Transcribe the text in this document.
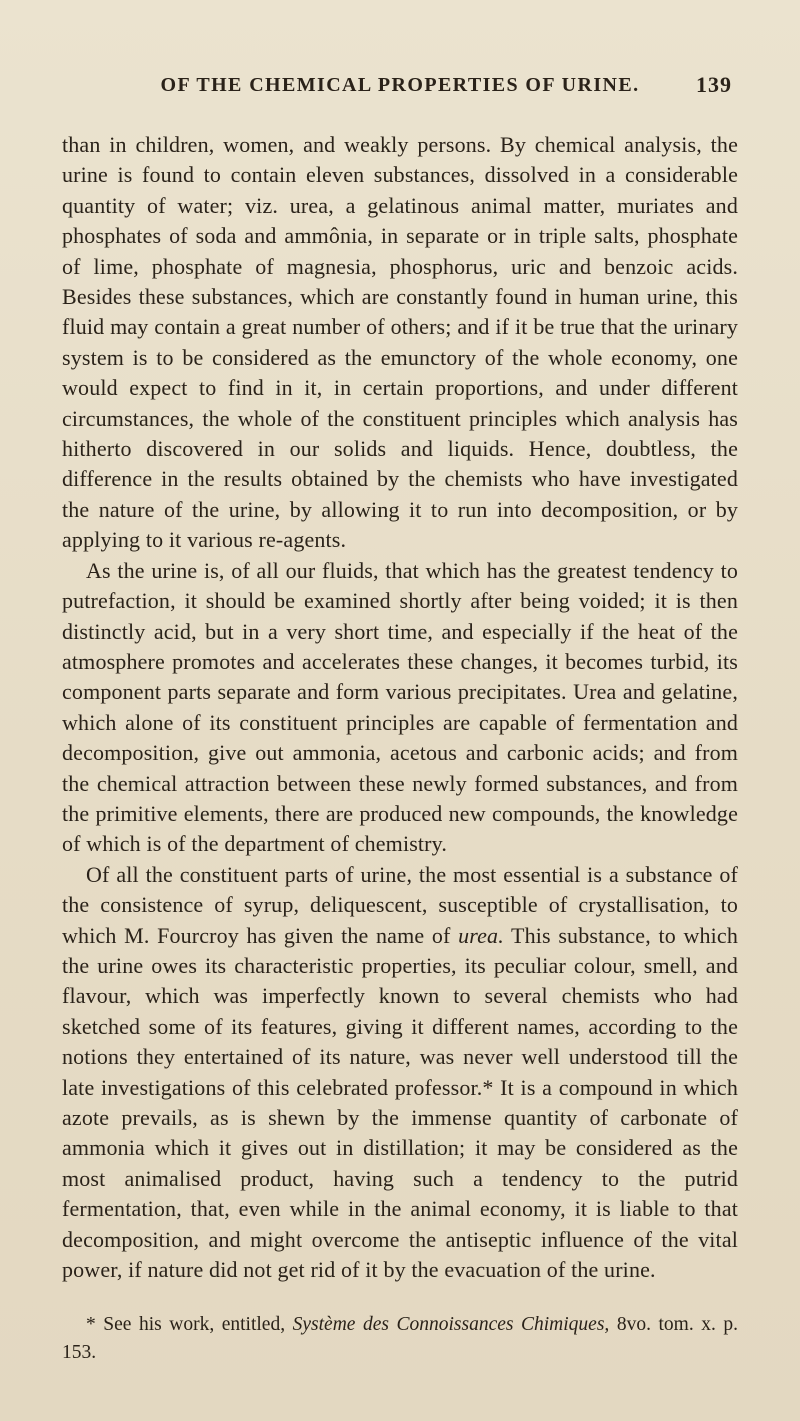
OF THE CHEMICAL PROPERTIES OF URINE.	139

than in children, women, and weakly persons. By chemical analysis, the urine is found to contain eleven substances, dissolved in a considerable quantity of water; viz. urea, a gelatinous animal matter, muriates and phosphates of soda and ammônia, in separate or in triple salts, phosphate of lime, phosphate of magnesia, phosphorus, uric and benzoic acids. Besides these substances, which are constantly found in human urine, this fluid may contain a great number of others; and if it be true that the urinary system is to be considered as the emunctory of the whole economy, one would expect to find in it, in certain proportions, and under different circumstances, the whole of the constituent principles which analysis has hitherto discovered in our solids and liquids. Hence, doubtless, the difference in the results obtained by the chemists who have investigated the nature of the urine, by allowing it to run into decomposition, or by applying to it various re-agents.

As the urine is, of all our fluids, that which has the greatest tendency to putrefaction, it should be examined shortly after being voided; it is then distinctly acid, but in a very short time, and especially if the heat of the atmosphere promotes and accelerates these changes, it becomes turbid, its component parts separate and form various precipitates. Urea and gelatine, which alone of its constituent principles are capable of fermentation and decomposition, give out ammonia, acetous and carbonic acids; and from the chemical attraction between these newly formed substances, and from the primitive elements, there are produced new compounds, the knowledge of which is of the department of chemistry.

Of all the constituent parts of urine, the most essential is a substance of the consistence of syrup, deliquescent, susceptible of crystallisation, to which M. Fourcroy has given the name of urea. This substance, to which the urine owes its characteristic properties, its peculiar colour, smell, and flavour, which was imperfectly known to several chemists who had sketched some of its features, giving it different names, according to the notions they entertained of its nature, was never well understood till the late investigations of this celebrated professor.* It is a compound in which azote prevails, as is shewn by the immense quantity of carbonate of ammonia which it gives out in distillation; it may be considered as the most animalised product, having such a tendency to the putrid fermentation, that, even while in the animal economy, it is liable to that decomposition, and might overcome the antiseptic influence of the vital power, if nature did not get rid of it by the evacuation of the urine.

* See his work, entitled, Système des Connoissances Chimiques, 8vo. tom. x. p. 153.
